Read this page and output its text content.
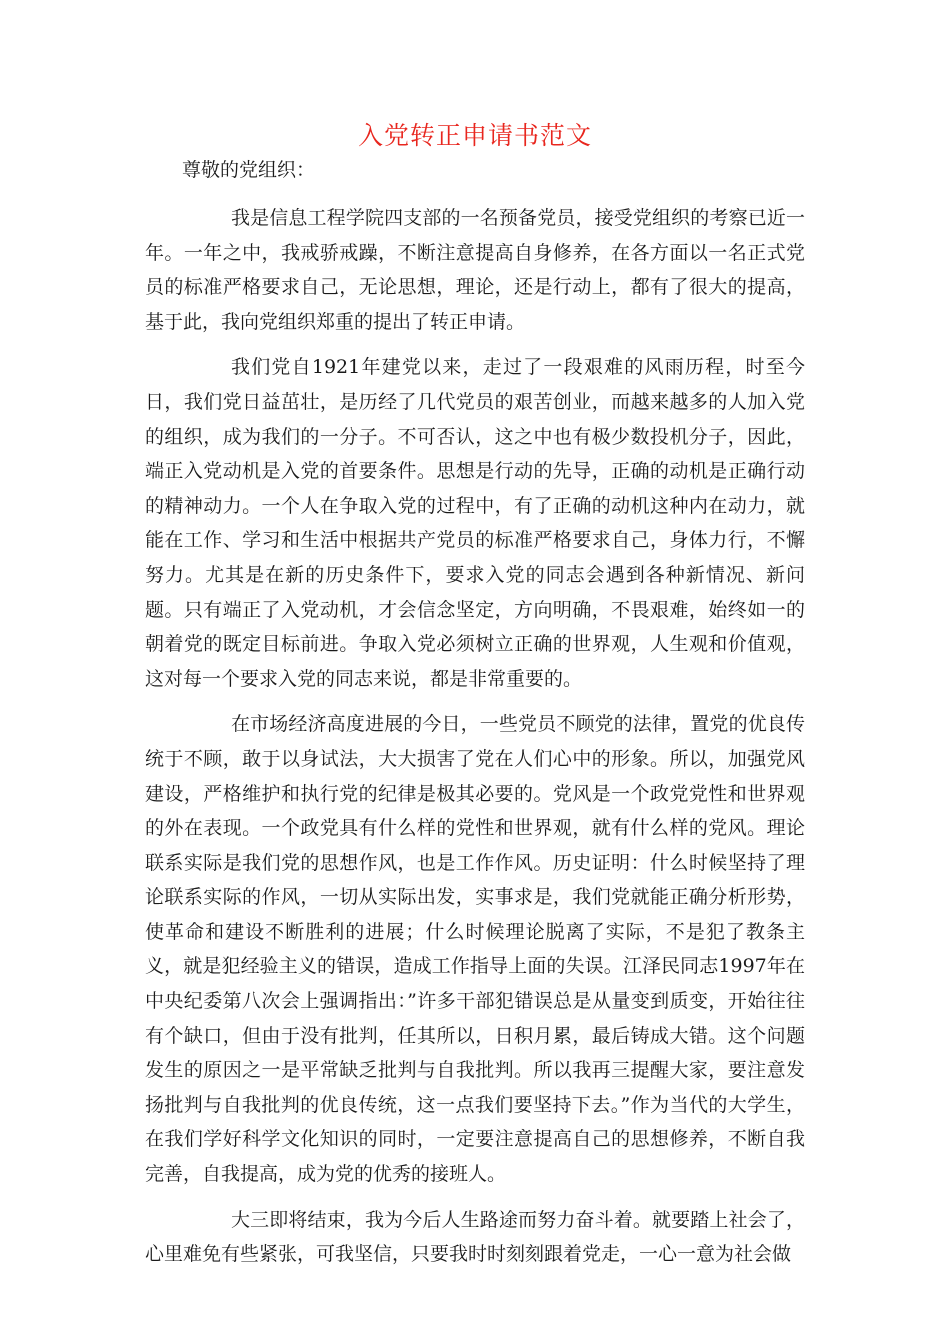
入党转正申请书范文

尊敬的党组织：

我是信息工程学院四支部的一名预备党员，接受党组织的考察已近一年。一年之中，我戒骄戒躁，不断注意提高自身修养，在各方面以一名正式党员的标准严格要求自己，无论思想，理论，还是行动上，都有了很大的提高，基于此，我向党组织郑重的提出了转正申请。

我们党自1921年建党以来，走过了一段艰难的风雨历程，时至今日，我们党日益茁壮，是历经了几代党员的艰苦创业，而越来越多的人加入党的组织，成为我们的一分子。不可否认，这之中也有极少数投机分子，因此，端正入党动机是入党的首要条件。思想是行动的先导，正确的动机是正确行动的精神动力。一个人在争取入党的过程中，有了正确的动机这种内在动力，就能在工作、学习和生活中根据共产党员的标准严格要求自己，身体力行，不懈努力。尤其是在新的历史条件下，要求入党的同志会遇到各种新情况、新问题。只有端正了入党动机，才会信念坚定，方向明确，不畏艰难，始终如一的朝着党的既定目标前进。争取入党必须树立正确的世界观，人生观和价值观，这对每一个要求入党的同志来说，都是非常重要的。

在市场经济高度进展的今日，一些党员不顾党的法律，置党的优良传统于不顾，敢于以身试法，大大损害了党在人们心中的形象。所以，加强党风建设，严格维护和执行党的纪律是极其必要的。党风是一个政党党性和世界观的外在表现。一个政党具有什么样的党性和世界观，就有什么样的党风。理论联系实际是我们党的思想作风，也是工作作风。历史证明：什么时候坚持了理论联系实际的作风，一切从实际出发，实事求是，我们党就能正确分析形势，使革命和建设不断胜利的进展；什么时候理论脱离了实际，不是犯了教条主义，就是犯经验主义的错误，造成工作指导上面的失误。江泽民同志1997年在中央纪委第八次会上强调指出：”许多干部犯错误总是从量变到质变，开始往往有个缺口，但由于没有批判，任其所以，日积月累，最后铸成大错。这个问题发生的原因之一是平常缺乏批判与自我批判。所以我再三提醒大家，要注意发扬批判与自我批判的优良传统，这一点我们要坚持下去。”作为当代的大学生，在我们学好科学文化知识的同时，一定要注意提高自己的思想修养，不断自我完善，自我提高，成为党的优秀的接班人。

大三即将结束，我为今后人生路途而努力奋斗着。就要踏上社会了，心里难免有些紧张，可我坚信，只要我时时刻刻跟着党走，一心一意为社会做
